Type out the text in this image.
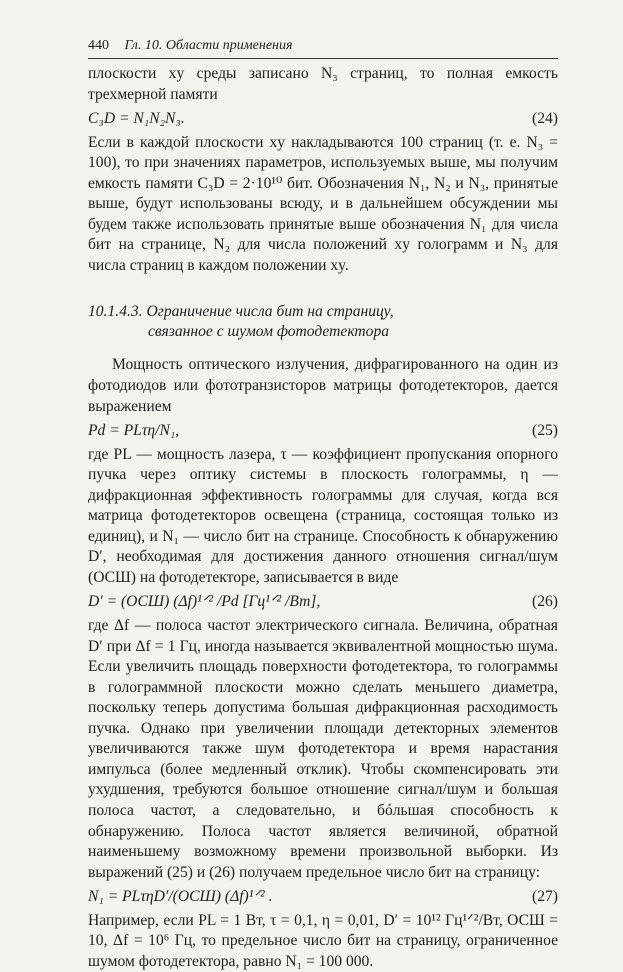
440 Гл. 10. Области применения

плоскости xy среды записано N₃ страниц, то полная емкость трехмерной памяти

C₃D = N₁N₂N₃.	(24)

Если в каждой плоскости xy накладываются 100 страниц (т. е. N₃ = 100), то при значениях параметров, используемых выше, мы получим емкость памяти C₃D = 2·10¹⁰ бит. Обозначения N₁, N₂ и N₃, принятые выше, будут использованы всюду, и в дальнейшем обсуждении мы будем также использовать принятые выше обозначения N₁ для числа бит на странице, N₂ для числа положений xy голограмм и N₃ для числа страниц в каждом положении xy.

10.1.4.3. Ограничение числа бит на страницу,
связанное с шумом фотодетектора

Мощность оптического излучения, дифрагированного на один из фотодиодов или фототранзисторов матрицы фотодетекторов, дается выражением

Pd = PLτη/N₁,	(25)

где PL — мощность лазера, τ — коэффициент пропускания опорного пучка через оптику системы в плоскость голограммы, η — дифракционная эффективность голограммы для случая, когда вся матрица фотодетекторов освещена (страница, состоящая только из единиц), и N₁ — число бит на странице. Способность к обнаружению D′, необходимая для достижения данного отношения сигнал/шум (ОСШ) на фотодетекторе, записывается в виде

D′ = (ОСШ) (Δf)¹ᐟ² /Pd [Гц¹ᐟ² /Вт],	(26)

где Δf — полоса частот электрического сигнала. Величина, обратная D′ при Δf = 1 Гц, иногда называется эквивалентной мощностью шума. Если увеличить площадь поверхности фотодетектора, то голограммы в голограммной плоскости можно сделать меньшего диаметра, поскольку теперь допустима большая дифракционная расходимость пучка. Однако при увеличении площади детекторных элементов увеличиваются также шум фотодетектора и время нарастания импульса (более медленный отклик). Чтобы скомпенсировать эти ухудшения, требуются большое отношение сигнал/шум и большая полоса частот, а следовательно, и бóльшая способность к обнаружению. Полоса частот является величиной, обратной наименьшему возможному времени произвольной выборки. Из выражений (25) и (26) получаем предельное число бит на страницу:

N₁ = PLτηD′/(ОСШ) (Δf)¹ᐟ² .	(27)

Например, если PL = 1 Вт, τ = 0,1, η = 0,01, D′ = 10¹² Гц¹ᐟ²/Вт, ОСШ = 10, Δf = 10⁶ Гц, то предельное число бит на страницу, ограниченное шумом фотодетектора, равно N₁ = 100 000.
